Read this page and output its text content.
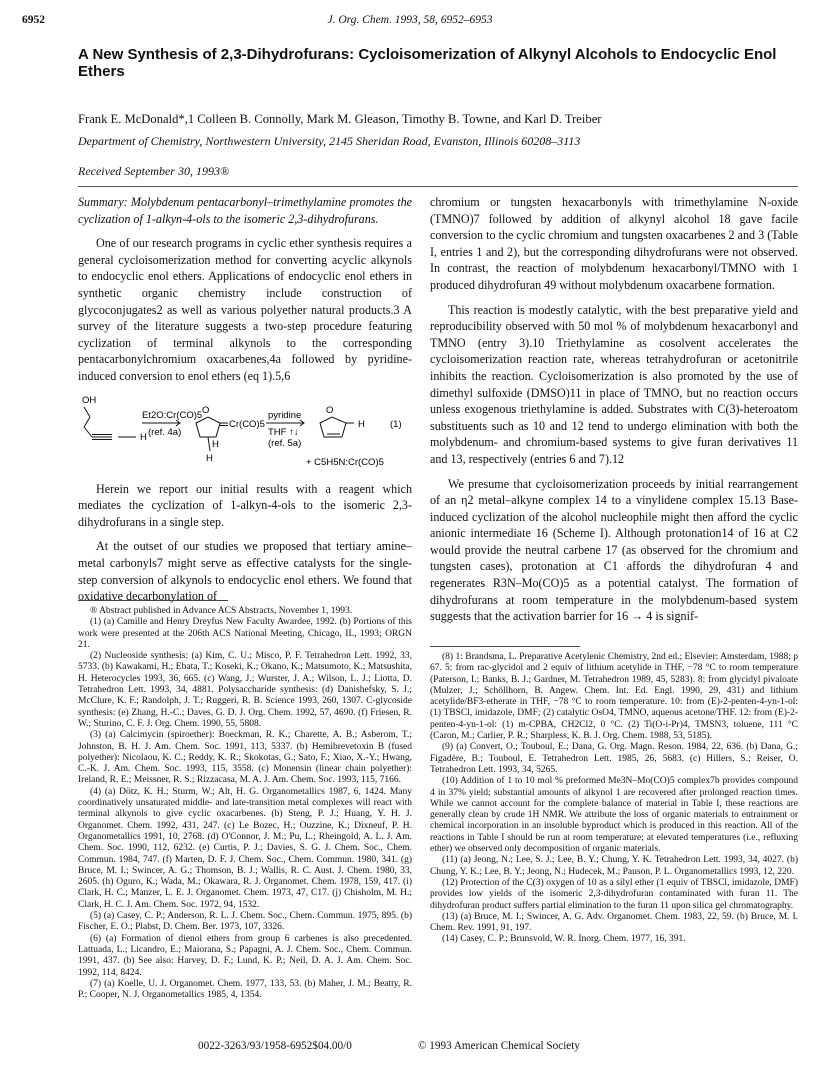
6952	J. Org. Chem. 1993, 58, 6952–6953
A New Synthesis of 2,3-Dihydrofurans: Cycloisomerization of Alkynyl Alcohols to Endocyclic Enol Ethers
Frank E. McDonald*,1 Colleen B. Connolly, Mark M. Gleason, Timothy B. Towne, and Karl D. Treiber
Department of Chemistry, Northwestern University, 2145 Sheridan Road, Evanston, Illinois 60208–3113
Received September 30, 1993®

Summary: Molybdenum pentacarbonyl–trimethylamine promotes the cyclization of 1-alkyn-4-ols to the isomeric 2,3-dihydrofurans.

One of our research programs in cyclic ether synthesis requires a general cycloisomerization method for converting acyclic alkynols to endocyclic enol ethers. Applications of endocyclic enol ethers in synthetic organic chemistry include construction of glycoconjugates2 as well as various polyether natural products.3 A survey of the literature suggests a two-step procedure featuring cyclization of terminal alkynols to the corresponding pentacarbonylchromium oxacarbenes,4a followed by pyridine-induced conversion to enol ethers (eq 1).5,6

OH
H
Et2O:Cr(CO)5
(ref. 4a)
O
Cr(CO)5
H
H
pyridine
THF ↑↓
(ref. 5a)
O
H	(1)
+ C5H5N:Cr(CO)5

Herein we report our initial results with a reagent which mediates the cyclization of 1-alkyn-4-ols to the isomeric 2,3-dihydrofurans in a single step.

At the outset of our studies we proposed that tertiary amine–metal carbonyls7 might serve as effective catalysts for the single-step conversion of alkynols to endocyclic enol ethers. We found that oxidative decarbonylation of

chromium or tungsten hexacarbonyls with trimethylamine N-oxide (TMNO)7 followed by addition of alkynyl alcohol 18 gave facile conversion to the cyclic chromium and tungsten oxacarbenes 2 and 3 (Table I, entries 1 and 2), but the corresponding dihydrofurans were not observed. In contrast, the reaction of molybdenum hexacarbonyl/TMNO with 1 produced dihydrofuran 49 without molybdenum oxacarbene formation.

This reaction is modestly catalytic, with the best preparative yield and reproducibility observed with 50 mol % of molybdenum hexacarbonyl and TMNO (entry 3).10 Triethylamine as cosolvent accelerates the cycloisomerization reaction rate, whereas tetrahydrofuran or acetonitrile inhibits the reaction. Cycloisomerization is also promoted by the use of dimethyl sulfoxide (DMSO)11 in place of TMNO, but no reaction occurs unless exogenous triethylamine is added. Substrates with C(3)-heteroatom substituents such as 10 and 12 tend to undergo elimination with both the molybdenum- and chromium-based systems to give furan derivatives 11 and 13, respectively (entries 6 and 7).12

We presume that cycloisomerization proceeds by initial rearrangement of an η2 metal–alkyne complex 14 to a vinylidene complex 15.13 Base-induced cyclization of the alcohol nucleophile might then afford the cyclic anionic intermediate 16 (Scheme I). Although protonation14 of 16 at C2 would provide the neutral carbene 17 (as observed for the chromium and tungsten cases), protonation at C1 affords the dihydrofuran 4 and regenerates R3N–Mo(CO)5 as a potential catalyst. The formation of dihydrofurans at room temperature in the molybdenum-based system suggests that the activation barrier for 16 → 4 is signif-

® Abstract published in Advance ACS Abstracts, November 1, 1993.

(1) (a) Camille and Henry Dreyfus New Faculty Awardee, 1992. (b) Portions of this work were presented at the 206th ACS National Meeting, Chicago, IL, 1993; ORGN 21.

(2) Nucleoside synthesis: (a) Kim, C. U.; Misco, P. F. Tetrahedron Lett. 1992, 33, 5733. (b) Kawakami, H.; Ebata, T.; Koseki, K.; Okano, K.; Matsumoto, K.; Matsushita, H. Heterocycles 1993, 36, 665. (c) Wang, J.; Wurster, J. A.; Wilson, L. J.; Liotta, D. Tetrahedron Lett. 1993, 34, 4881. Polysaccharide synthesis: (d) Danishefsky, S. J.; McClure, K. F.; Randolph, J. T.; Ruggeri, R. B. Science 1993, 260, 1307. C-glycoside synthesis: (e) Zhang, H.-C.; Daves, G. D. J. Org. Chem. 1992, 57, 4690. (f) Friesen, R. W.; Sturino, C. F. J. Org. Chem. 1990, 55, 5808.

(3) (a) Calcimycin (spiroether): Boeckman, R. K.; Charette, A. B.; Asberom, T.; Johnston, B. H. J. Am. Chem. Soc. 1991, 113, 5337. (b) Hemibrevetoxin B (fused polyether): Nicolaou, K. C.; Reddy, K. R.; Skokotas, G.; Sato, F.; Xiao, X.-Y.; Hwang, C.-K. J. Am. Chem. Soc. 1993, 115, 3558. (c) Monensin (linear chain polyether): Ireland, R. E.; Meissner, R. S.; Rizzacasa, M. A. J. Am. Chem. Soc. 1993, 115, 7166.

(4) (a) Dötz, K. H.; Sturm, W.; Alt, H. G. Organometallics 1987, 6, 1424. Many coordinatively unsaturated middle- and late-transition metal complexes will react with terminal alkynols to give cyclic oxacarbenes. (b) Steng, P. J.; Huang, Y. H. J. Organomet. Chem. 1992, 431, 247. (c) Le Bozec, H.; Ouzzine, K.; Dixneuf, P. H. Organometallics 1991, 10, 2768. (d) O'Connor, J. M.; Pu, L.; Rheingold, A. L. J. Am. Chem. Soc. 1990, 112, 6232. (e) Curtis, P. J.; Davies, S. G. J. Chem. Soc., Chem. Commun. 1984, 747. (f) Marten, D. F. J. Chem. Soc., Chem. Commun. 1980, 341. (g) Bruce, M. I.; Swincer, A. G.; Thomson, B. J.; Wallis, R. C. Aust. J. Chem. 1980, 33, 2605. (h) Oguro, K.; Wada, M.; Okawara, R. J. Organomet. Chem. 1978, 159, 417. (i) Clark, H. C.; Manzer, L. E. J. Organomet. Chem. 1973, 47, C17. (j) Chisholm, M. H.; Clark, H. C. J. Am. Chem. Soc. 1972, 94, 1532.

(5) (a) Casey, C. P.; Anderson, R. L. J. Chem. Soc., Chem. Commun. 1975, 895. (b) Fischer, E. O.; Plabst, D. Chem. Ber. 1973, 107, 3326.

(6) (a) Formation of dienol ethers from group 6 carbenes is also precedented. Lattuada, L.; Licandro, E.; Maiorana, S.; Papagni, A. J. Chem. Soc., Chem. Commun. 1991, 437. (b) See also: Harvey, D. F.; Lund, K. P.; Neil, D. A. J. Am. Chem. Soc. 1992, 114, 8424.

(7) (a) Koelle, U. J. Organomet. Chem. 1977, 133, 53. (b) Maher, J. M.; Beatty, R. P.; Cooper, N. J. Organometallics 1985, 4, 1354.

(8) 1: Brandsma, L. Preparative Acetylenic Chemistry, 2nd ed.; Elsevier: Amsterdam, 1988; p 67. 5: from rac-glycidol and 2 equiv of lithium acetylide in THF, −78 °C to room temperature (Paterson, I.; Banks, B. J.; Gardner, M. Tetrahedron 1989, 45, 5283). 8: from glycidyl pivaloate (Mulzer, J.; Schöllhorn, B. Angew. Chem. Int. Ed. Engl. 1990, 29, 431) and lithium acetylide/BF3-etherate in THF, −78 °C to room temperature. 10: from (E)-2-penten-4-yn-1-ol: (1) TBSCl, imidazole, DMF; (2) catalytic OsO4, TMNO, aqueous acetone/THF. 12: from (E)-2-penten-4-yn-1-ol: (1) m-CPBA, CH2Cl2, 0 °C. (2) Ti(O-i-Pr)4, TMSN3, toluene, 111 °C (Caron, M.; Carlier, P. R.; Sharpless, K. B. J. Org. Chem. 1988, 53, 5185).

(9) (a) Convert, O.; Touboul, E.; Dana, G. Org. Magn. Reson. 1984, 22, 636. (b) Dana, G.; Figadère, B.; Touboul, E. Tetrahedron Lett. 1985, 26, 5683. (c) Hillers, S.; Reiser, O. Tetrahedron Lett. 1993, 34, 5265.

(10) Addition of 1 to 10 mol % preformed Me3N–Mo(CO)5 complex7b provides compound 4 in 37% yield; substantial amounts of alkynol 1 are recovered after prolonged reaction times. While we cannot account for the complete balance of material in Table I, these reactions are generally clean by crude 1H NMR. We attribute the loss of organic materials to entrainment or chemical incorporation in an insoluble byproduct which is produced in this reaction. All of the reactions in Table I should be run at room temperature; at elevated temperatures (i.e., refluxing ether) we observed only decomposition of organic materials.

(11) (a) Jeong, N.; Lee, S. J.; Lee, B. Y.; Chung, Y. K. Tetrahedron Lett. 1993, 34, 4027. (b) Chung, Y. K.; Lee, B. Y.; Jeong, N.; Hudecek, M.; Pauson, P. L. Organometallics 1993, 12, 220.

(12) Protection of the C(3) oxygen of 10 as a silyl ether (1 equiv of TBSCl, imidazole, DMF) provides low yields of the isomeric 2,3-dihydrofuran contaminated with furan 11. The dihydrofuran product suffers partial elimination to the furan 11 upon silica gel chromatography.

(13) (a) Bruce, M. I.; Swincer, A. G. Adv. Organomet. Chem. 1983, 22, 59. (b) Bruce, M. I. Chem. Rev. 1991, 91, 197.

(14) Casey, C. P.; Brunsvold, W. R. Inorg. Chem. 1977, 16, 391.

0022-3263/93/1958-6952$04.00/0	© 1993 American Chemical Society
